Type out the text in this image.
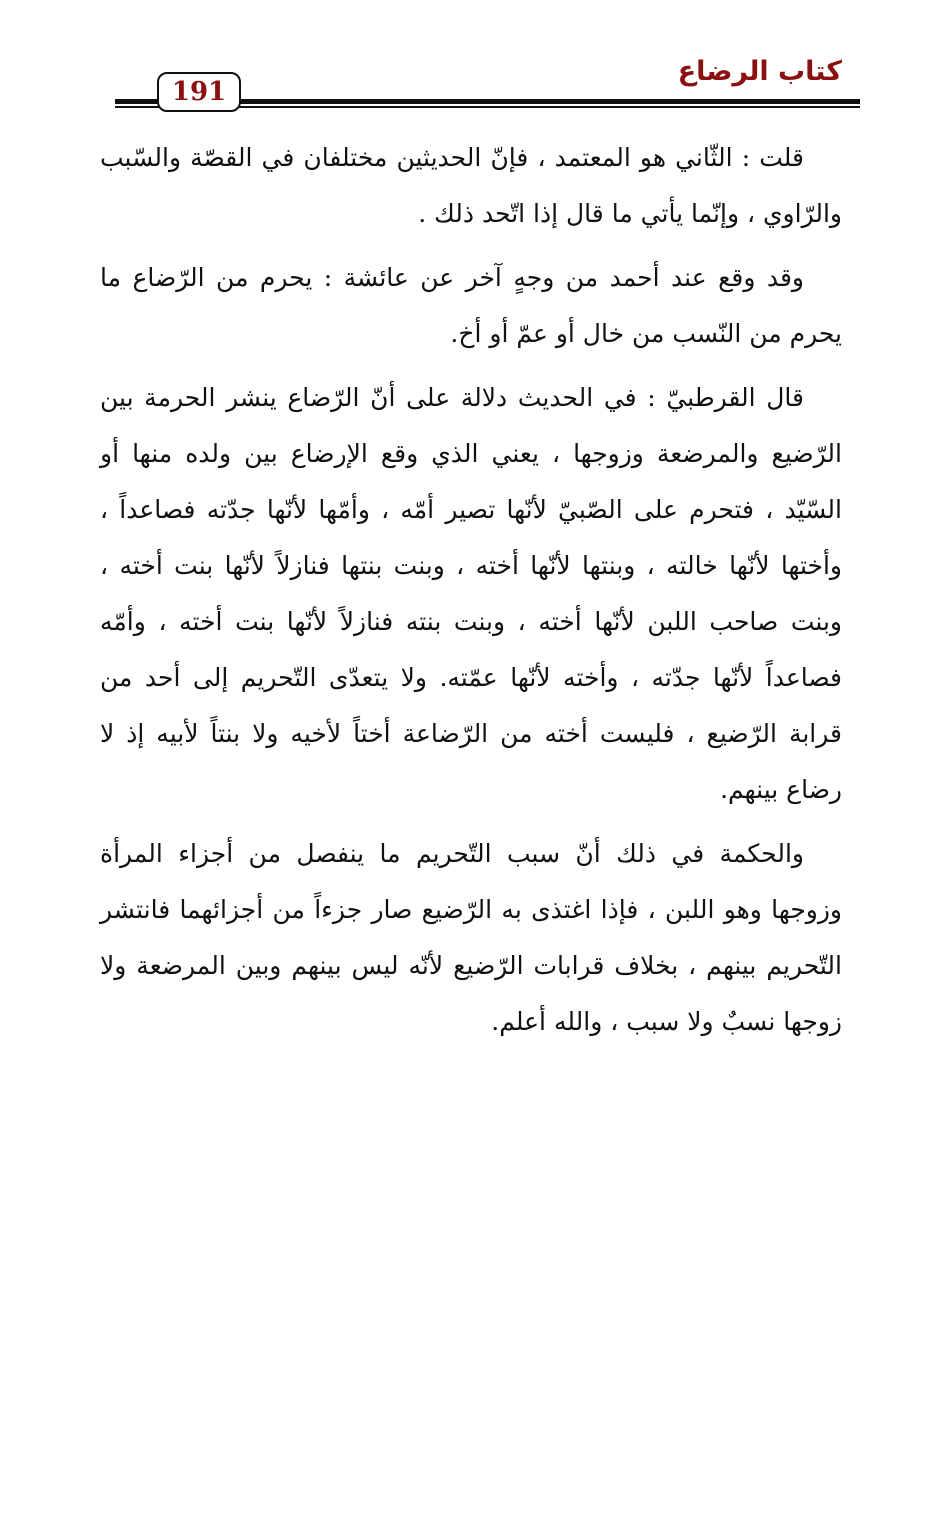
كتاب الرضاع
191

قلت : الثّاني هو المعتمد ، فإنّ الحديثين مختلفان في القصّة والسّبب والرّاوي ، وإنّما يأتي ما قال إذا اتّحد ذلك .

وقد وقع عند أحمد من وجهٍ آخر عن عائشة : يحرم من الرّضاع ما يحرم من النّسب من خال أو عمّ أو أخ.

قال القرطبيّ : في الحديث دلالة على أنّ الرّضاع ينشر الحرمة بين الرّضيع والمرضعة وزوجها ، يعني الذي وقع الإرضاع بين ولده منها أو السّيّد ، فتحرم على الصّبيّ لأنّها تصير أمّه ، وأمّها لأنّها جدّته فصاعداً ، وأختها لأنّها خالته ، وبنتها لأنّها أخته ، وبنت بنتها فنازلاً لأنّها بنت أخته ، وبنت صاحب اللبن لأنّها أخته ، وبنت بنته فنازلاً لأنّها بنت أخته ، وأمّه فصاعداً لأنّها جدّته ، وأخته لأنّها عمّته. ولا يتعدّى التّحريم إلى أحد من قرابة الرّضيع ، فليست أخته من الرّضاعة أختاً لأخيه ولا بنتاً لأبيه إذ لا رضاع بينهم.

والحكمة في ذلك أنّ سبب التّحريم ما ينفصل من أجزاء المرأة وزوجها وهو اللبن ، فإذا اغتذى به الرّضيع صار جزءاً من أجزائهما فانتشر التّحريم بينهم ، بخلاف قرابات الرّضيع لأنّه ليس بينهم وبين المرضعة ولا زوجها نسبٌ ولا سبب ، والله أعلم.
